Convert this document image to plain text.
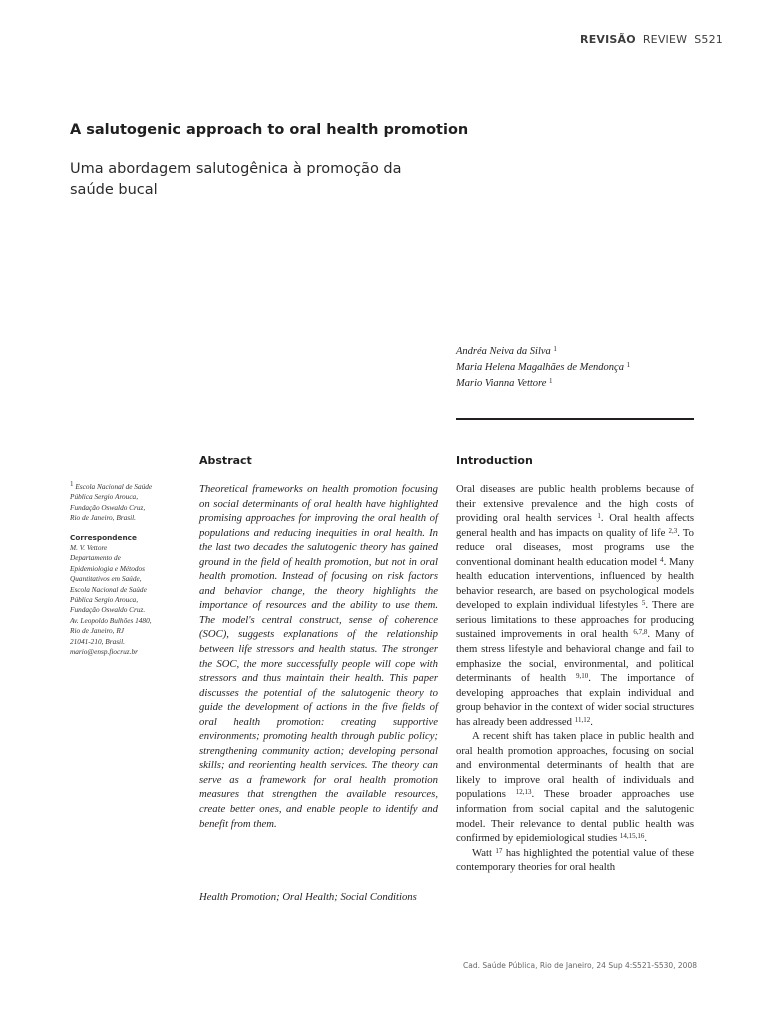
REVISÃO REVIEW S521
A salutogenic approach to oral health promotion
Uma abordagem salutogênica à promoção da saúde bucal
Andréa Neiva da Silva $^1$
Maria Helena Magalhães de Mendonça $^1$
Mario Vianna Vettore $^1$
$^1$ Escola Nacional de Saúde
Pública Sergio Arouca,
Fundação Oswaldo Cruz,
Rio de Janeiro, Brasil.
Correspondence
M. V. Vettore
Departamento de
Epidemiologia e Métodos
Quantitativos em Saúde,
Escola Nacional de Saúde
Pública Sergio Arouca,
Fundação Oswaldo Cruz.
Av. Leopoldo Bulhões 1480,
Rio de Janeiro, RJ
21041-210, Brasil.
mario@ensp.fiocruz.br
Abstract	Introduction
Theoretical frameworks on health promotion focusing on social determinants of oral health have highlighted promising approaches for improving the oral health of populations and reducing inequities in oral health. In the last two decades the salutogenic theory has gained ground in the field of health promotion, but not in oral health promotion. Instead of focusing on risk factors and behavior change, the theory highlights the importance of resources and the ability to use them. The model's central construct, sense of coherence (SOC), suggests explanations of the relationship between life stressors and health status. The stronger the SOC, the more successfully people will cope with stressors and thus maintain their health. This paper discusses the potential of the salutogenic theory to guide the development of actions in the five fields of oral health promotion: creating supportive environments; promoting health through public policy; strengthening community action; developing personal skills; and reorienting health services. The theory can serve as a framework for oral health promotion measures that strengthen the available resources, create better ones, and enable people to identify and benefit from them.
Health Promotion; Oral Health; Social Conditions

Oral diseases are public health problems because of their extensive prevalence and the high costs of providing oral health services $^1$. Oral health affects general health and has impacts on quality of life $^{2,3}$. To reduce oral diseases, most programs use the conventional dominant health education model $^4$. Many health education interventions, influenced by health behavior research, are based on psychological models developed to explain individual lifestyles $^5$. There are serious limitations to these approaches for producing sustained improvements in oral health $^{6,7,8}$. Many of them stress lifestyle and behavioral change and fail to emphasize the social, environmental, and political determinants of health $^{9,10}$. The importance of developing approaches that explain individual and group behavior in the context of wider social structures has already been addressed $^{11,12}$.

A recent shift has taken place in public health and oral health promotion approaches, focusing on social and environmental determinants of health that are likely to improve oral health of individuals and populations $^{12,13}$. These broader approaches use information from social capital and the salutogenic model. Their relevance to dental public health was confirmed by epidemiological studies $^{14,15,16}$.

Watt $^{17}$ has highlighted the potential value of these contemporary theories for oral health

Cad. Saúde Pública, Rio de Janeiro, 24 Sup 4:S521-S530, 2008
